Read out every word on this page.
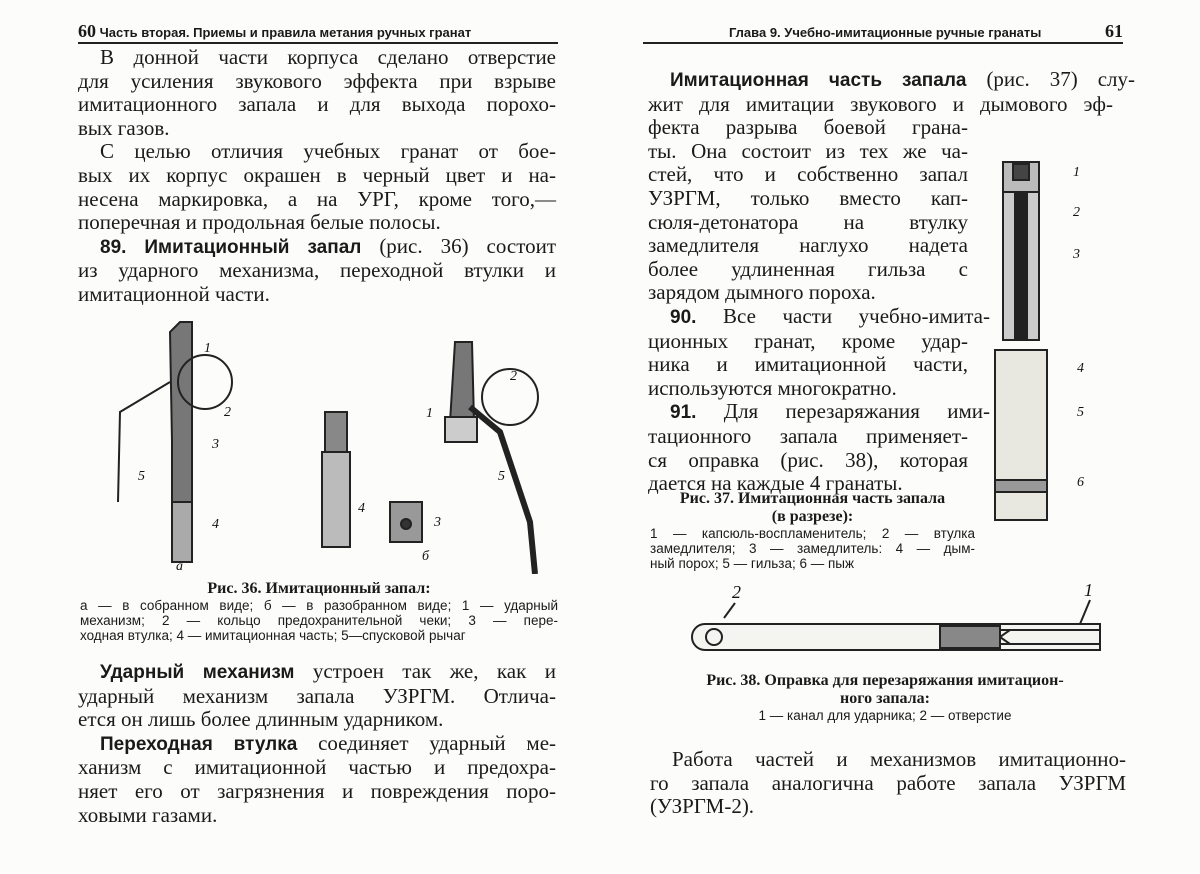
60 Часть вторая. Приемы и правила метания ручных гранат	Глава 9. Учебно-имитационные ручные гранаты	61
В донной части корпуса сделано отверстие
для усиления звукового эффекта при взрыве
имитационного запала и для выхода порохо-
вых газов.
С целью отличия учебных гранат от бое-
вых их корпус окрашен в черный цвет и на-
несена маркировка, а на УРГ, кроме того,—
поперечная и продольная белые полосы.
89. Имитационный запал (рис. 36) состоит
из ударного механизма, переходной втулки и
имитационной части.
1
2
3
4
5
а
4
3
б
1
2
5
Рис. 36. Имитационный запал:
а — в собранном виде; б — в разобранном виде; 1 — ударный
механизм; 2 — кольцо предохранительной чеки; 3 — пере-
ходная втулка; 4 — имитационная часть; 5—спусковой рычаг
Ударный механизм устроен так же, как и
ударный механизм запала УЗРГМ. Отлича-
ется он лишь более длинным ударником.
Переходная втулка соединяет ударный ме-
ханизм с имитационной частью и предохра-
няет его от загрязнения и повреждения поро-
ховыми газами.
Имитационная часть запала (рис. 37) слу-
жит для имитации звукового и дымового эф-
фекта разрыва боевой грана-
ты. Она состоит из тех же ча-
стей, что и собственно запал
УЗРГМ, только вместо кап-
сюля-детонатора на втулку
замедлителя наглухо надета
более удлиненная гильза с
зарядом дымного пороха.
90. Все части учебно-имита-
ционных гранат, кроме удар-
ника и имитационной части,
используются многократно.
91. Для перезаряжания ими-
тационного запала применяет-
ся оправка (рис. 38), которая
дается на каждые 4 гранаты.
1
2
3
4
5
6
Рис. 37. Имитационная часть запала
(в разрезе):
1 — капсюль-воспламенитель; 2 — втулка
замедлителя; 3 — замедлитель: 4 — дым-
ный порох; 5 — гильза; 6 — пыж
2	1
Рис. 38. Оправка для перезаряжания имитацион-
ного запала:
1 — канал для ударника; 2 — отверстие
Работа частей и механизмов имитационно-
го запала аналогична работе запала УЗРГМ
(УЗРГМ-2).
